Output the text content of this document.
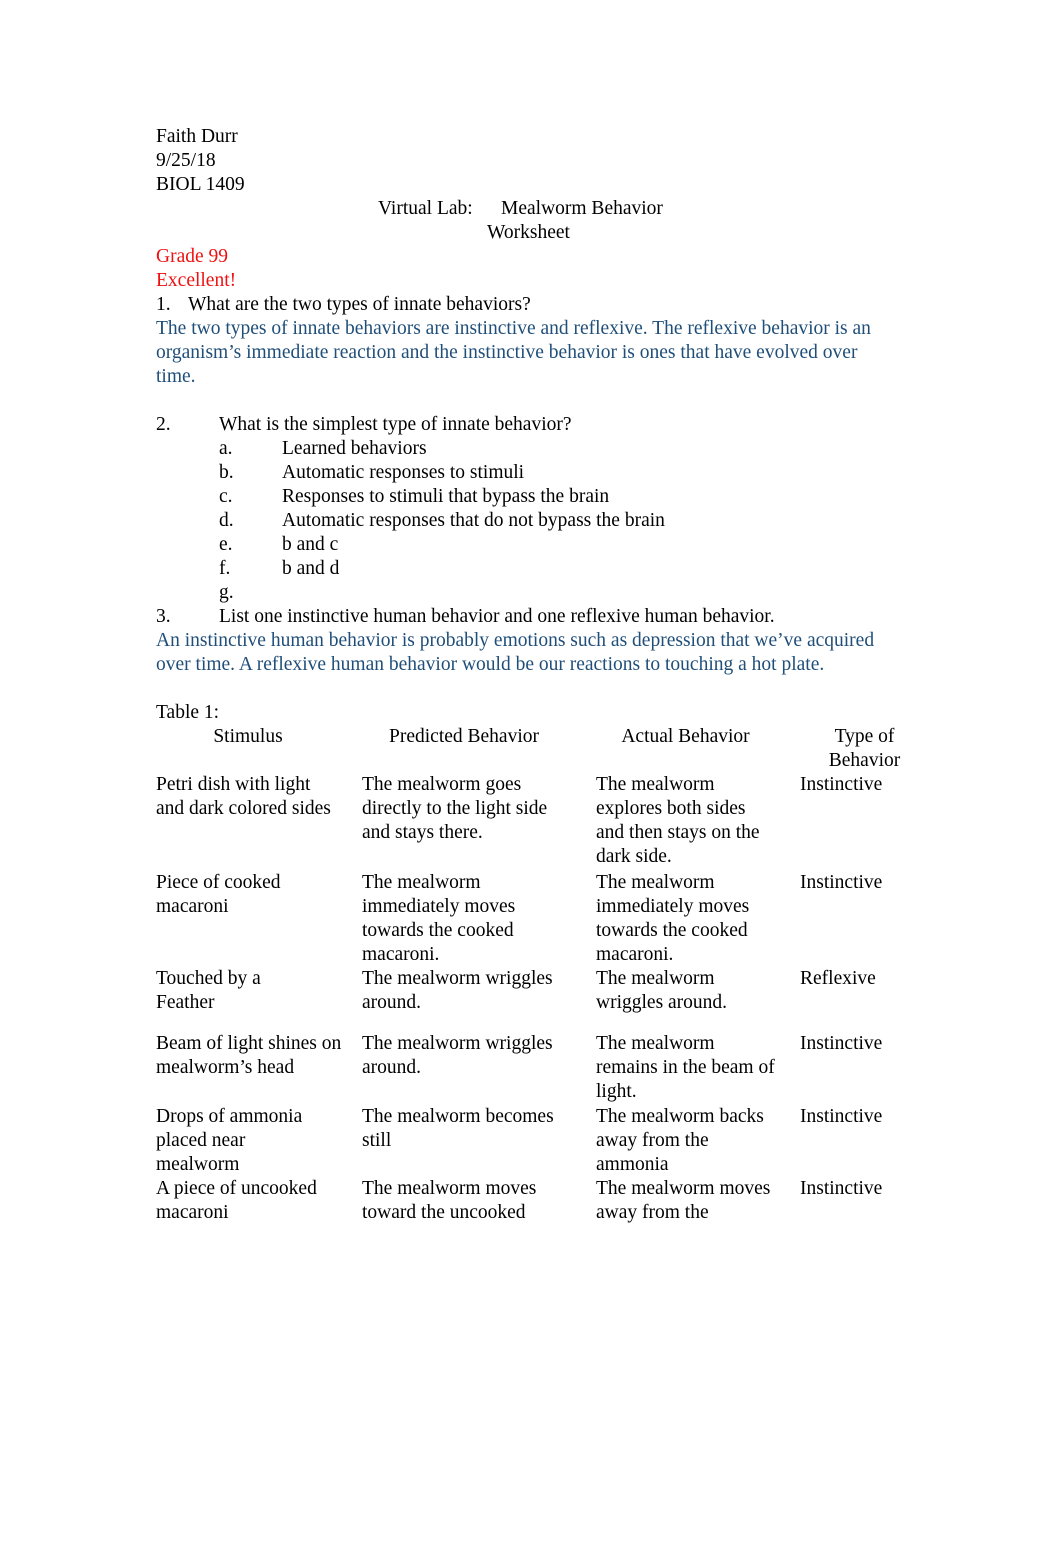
Faith Durr
9/25/18
BIOL 1409
Virtual Lab: Mealworm Behavior
Worksheet
Grade 99
Excellent!
1. What are the two types of innate behaviors?
The two types of innate behaviors are instinctive and reflexive. The reflexive behavior is an organism’s immediate reaction and the instinctive behavior is ones that have evolved over time.
2. What is the simplest type of innate behavior?
a.	Learned behaviors
b. Automatic responses to stimuli
c.	Responses to stimuli that bypass the brain
d. Automatic responses that do not bypass the brain
e.	b and c
f.	b and d
g.
3. List one instinctive human behavior and one reflexive human behavior.
An instinctive human behavior is probably emotions such as depression that we’ve acquired over time. A reflexive human behavior would be our reactions to touching a hot plate.
Table 1:
Stimulus	Predicted Behavior	Actual Behavior	Type of Behavior
Petri dish with light and dark colored sides	The mealworm goes directly to the light side and stays there.	The mealworm explores both sides and then stays on the dark side.	Instinctive
Piece of cooked macaroni	The mealworm immediately moves towards the cooked macaroni.	The mealworm immediately moves towards the cooked macaroni.	Instinctive
Touched by a Feather	The mealworm wriggles around.	The mealworm wriggles around.	Reflexive
Beam of light shines on mealworm’s head	The mealworm wriggles around.	The mealworm remains in the beam of light.	Instinctive
Drops of ammonia placed near mealworm	The mealworm becomes still	The mealworm backs away from the ammonia	Instinctive
A piece of uncooked macaroni	The mealworm moves toward the uncooked	The mealworm moves away from the	Instinctive
